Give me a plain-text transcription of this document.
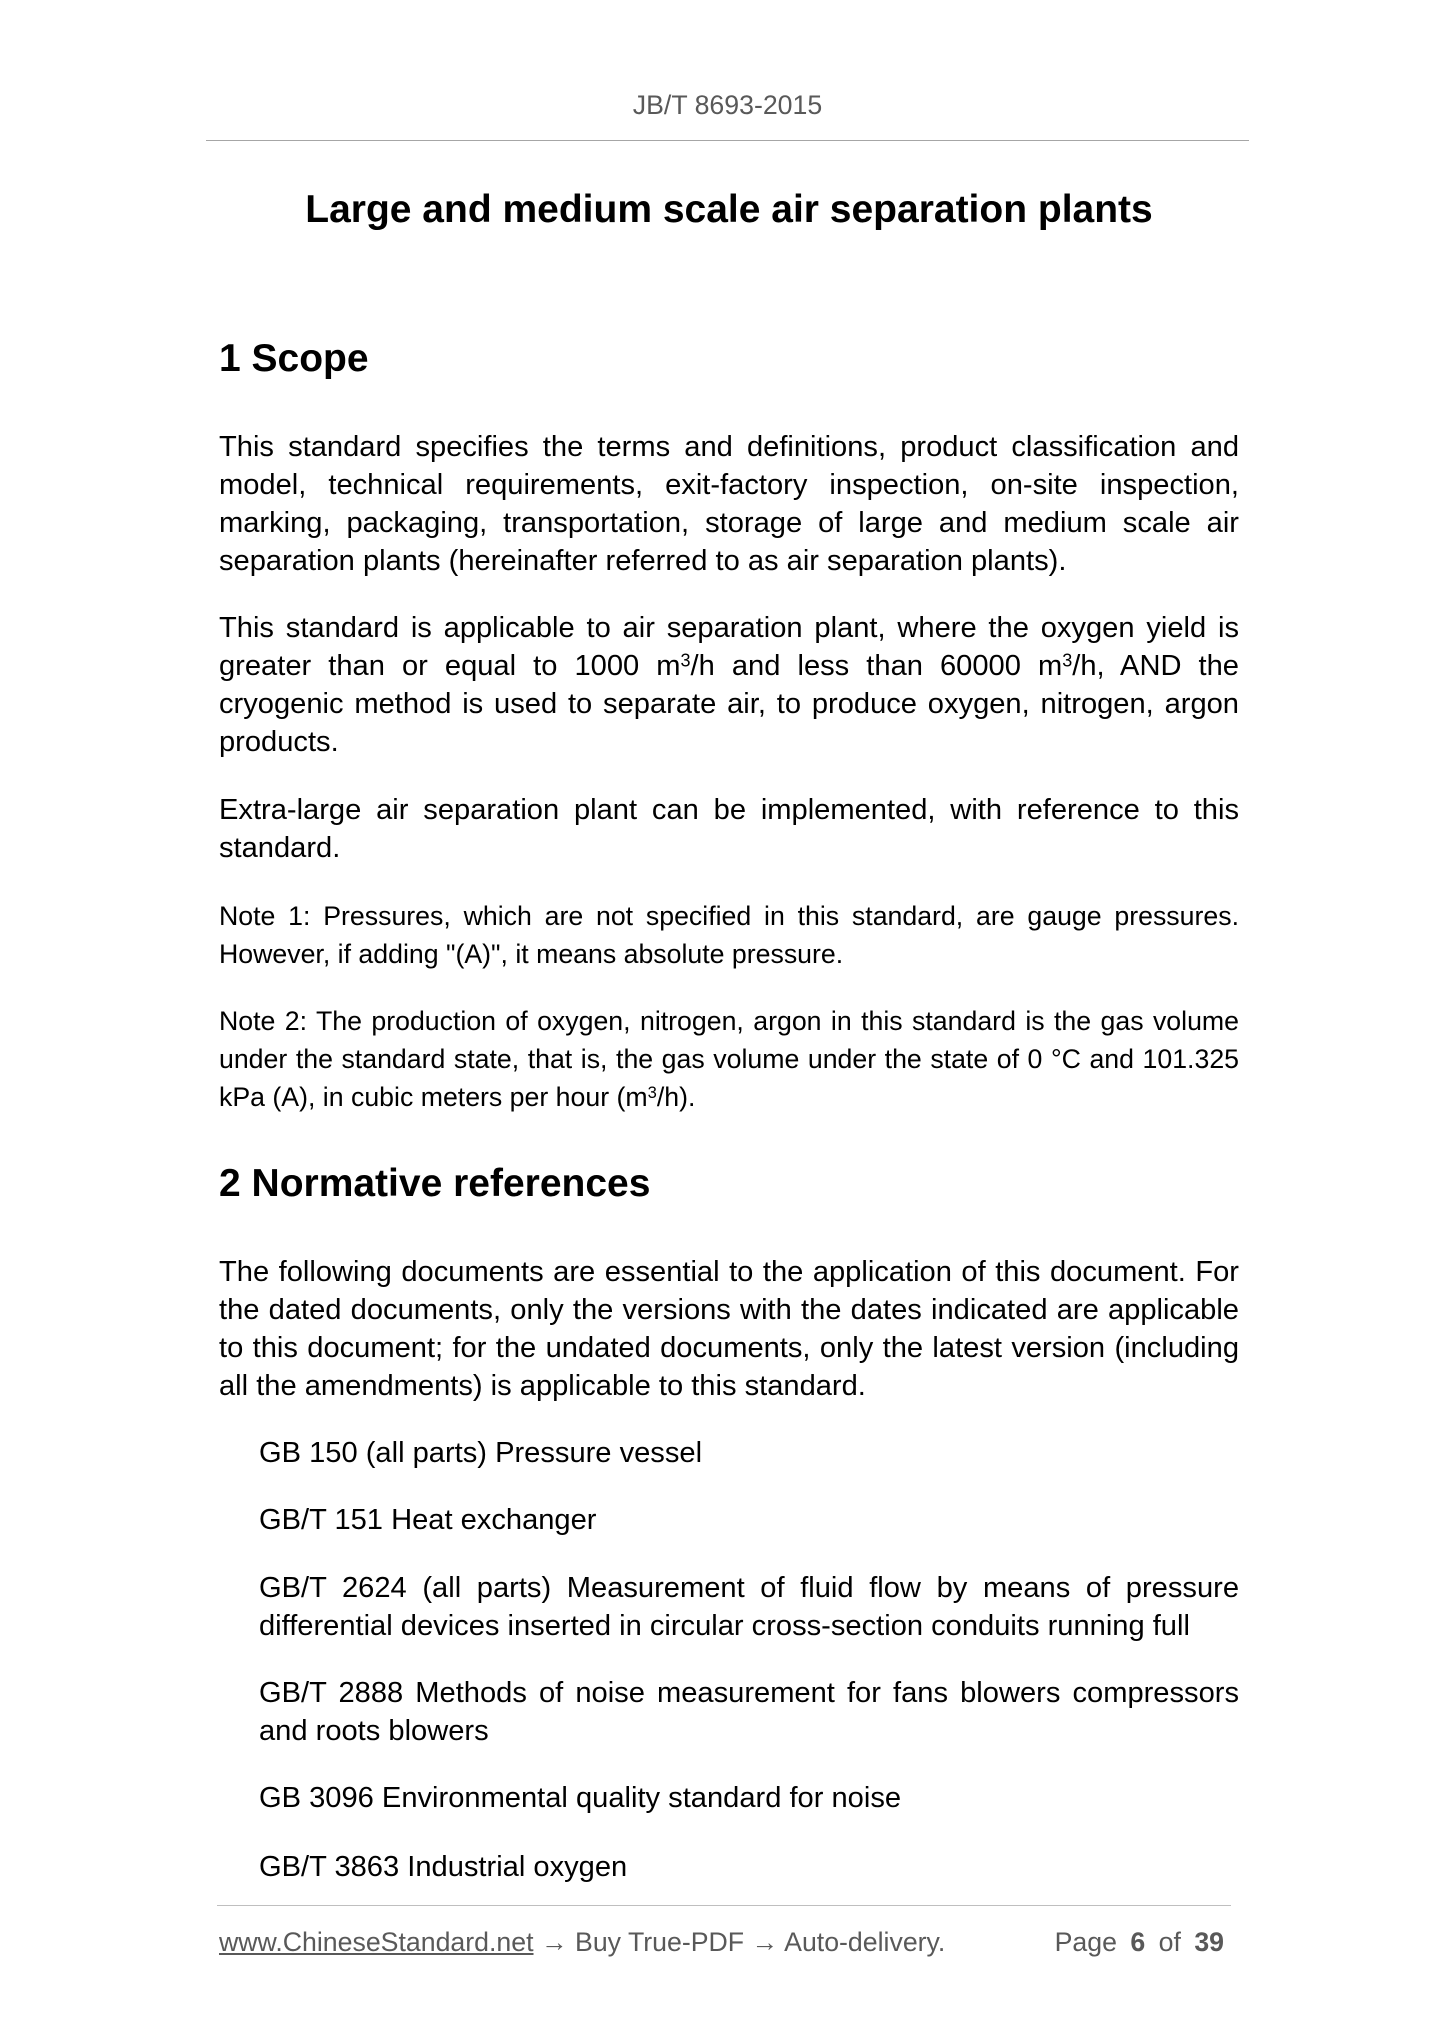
JB/T 8693-2015
Large and medium scale air separation plants
1 Scope
This standard specifies the terms and definitions, product classification and model, technical requirements, exit-factory inspection, on-site inspection, marking, packaging, transportation, storage of large and medium scale air separation plants (hereinafter referred to as air separation plants).
This standard is applicable to air separation plant, where the oxygen yield is greater than or equal to 1000 $m^3/h$ and less than 60000 $m^3/h$, AND the cryogenic method is used to separate air, to produce oxygen, nitrogen, argon products.
Extra-large air separation plant can be implemented, with reference to this standard.
Note 1: Pressures, which are not specified in this standard, are gauge pressures. However, if adding "(A)", it means absolute pressure.
Note 2: The production of oxygen, nitrogen, argon in this standard is the gas volume under the standard state, that is, the gas volume under the state of 0 °C and 101.325 kPa (A), in cubic meters per hour $(m^3/h)$.
2 Normative references
The following documents are essential to the application of this document. For the dated documents, only the versions with the dates indicated are applicable to this document; for the undated documents, only the latest version (including all the amendments) is applicable to this standard.
GB 150 (all parts) Pressure vessel
GB/T 151 Heat exchanger
GB/T 2624 (all parts) Measurement of fluid flow by means of pressure differential devices inserted in circular cross-section conduits running full
GB/T 2888 Methods of noise measurement for fans blowers compressors and roots blowers
GB 3096 Environmental quality standard for noise
GB/T 3863 Industrial oxygen
www.ChineseStandard.net → Buy True-PDF → Auto-delivery.	Page 6 of 39
